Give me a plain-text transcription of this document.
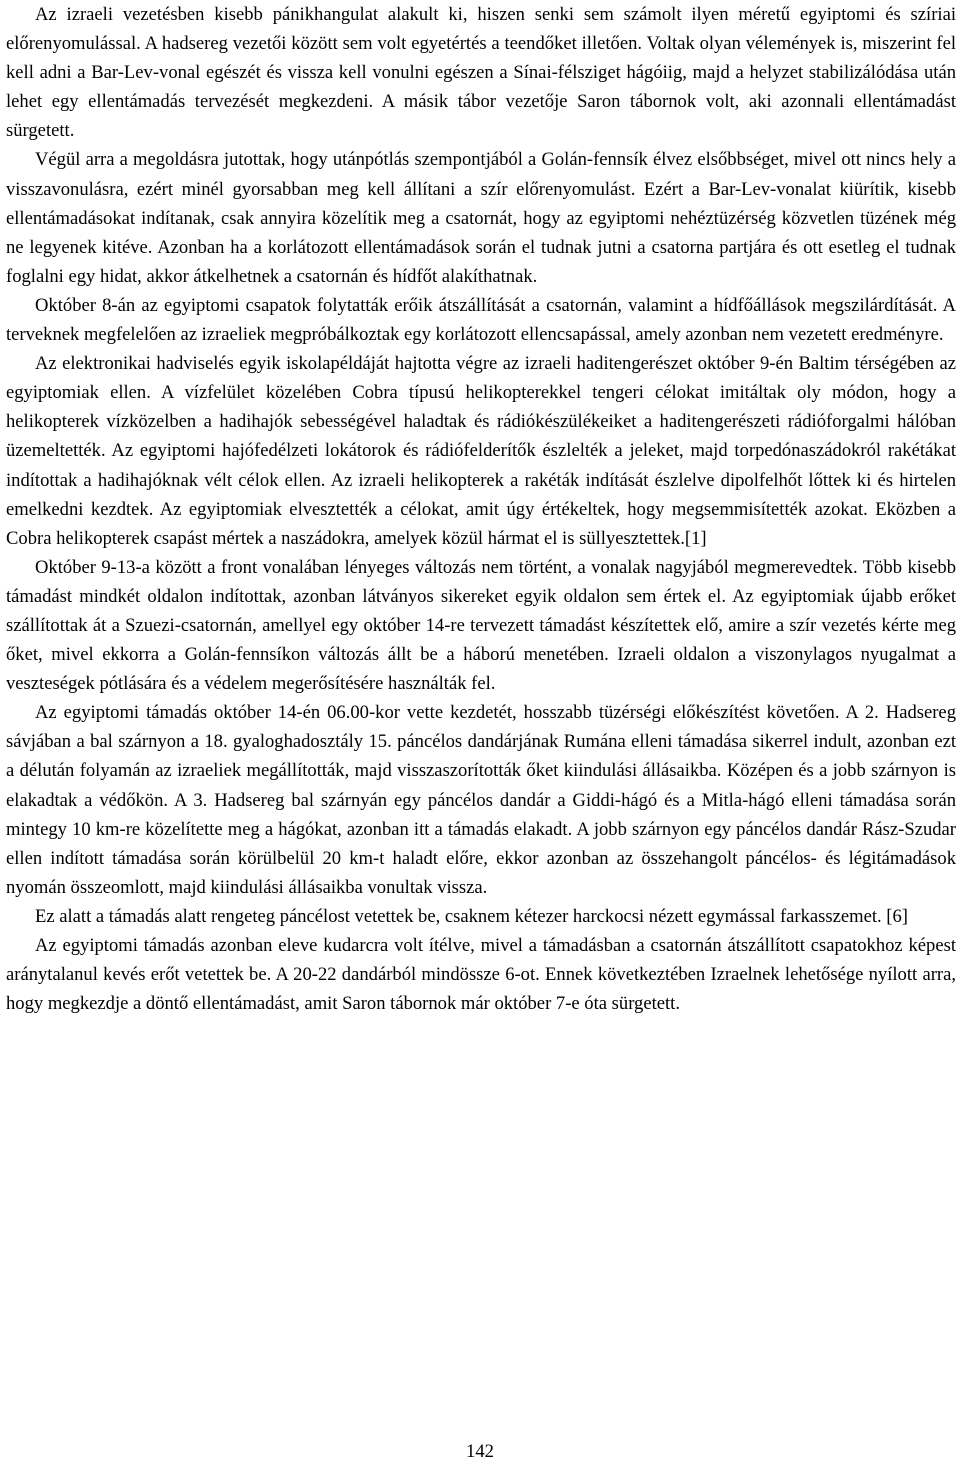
Az izraeli vezetésben kisebb pánikhangulat alakult ki, hiszen senki sem számolt ilyen méretű egyiptomi és szíriai előrenyomulással. A hadsereg vezetői között sem volt egyetértés a teendőket illetően. Voltak olyan vélemények is, miszerint fel kell adni a Bar-Lev-vonal egészét és vissza kell vonulni egészen a Sínai-félsziget hágóiig, majd a helyzet stabilizálódása után lehet egy ellentámadás tervezését megkezdeni. A másik tábor vezetője Saron tábornok volt, aki azonnali ellentámadást sürgetett.

Végül arra a megoldásra jutottak, hogy utánpótlás szempontjából a Golán-fennsík élvez elsőbbséget, mivel ott nincs hely a visszavonulásra, ezért minél gyorsabban meg kell állítani a szír előrenyomulást. Ezért a Bar-Lev-vonalat kiürítik, kisebb ellentámadásokat indítanak, csak annyira közelítik meg a csatornát, hogy az egyiptomi nehéztüzérség közvetlen tüzének még ne legyenek kitéve. Azonban ha a korlátozott ellentámadások során el tudnak jutni a csatorna partjára és ott esetleg el tudnak foglalni egy hidat, akkor átkelhetnek a csatornán és hídfőt alakíthatnak.

Október 8-án az egyiptomi csapatok folytatták erőik átszállítását a csatornán, valamint a hídfőállások megszilárdítását. A terveknek megfelelően az izraeliek megpróbálkoztak egy korlátozott ellencsapással, amely azonban nem vezetett eredményre.

Az elektronikai hadviselés egyik iskolapéldáját hajtotta végre az izraeli haditengerészet október 9-én Baltim térségében az egyiptomiak ellen. A vízfelület közelében Cobra típusú helikopterekkel tengeri célokat imitáltak oly módon, hogy a helikopterek vízközelben a hadihajók sebességével haladtak és rádiókészülékeiket a haditengerészeti rádióforgalmi hálóban üzemeltették. Az egyiptomi hajófedélzeti lokátorok és rádiófelderítők észlelték a jeleket, majd torpedónaszádokról rakétákat indítottak a hadihajóknak vélt célok ellen. Az izraeli helikopterek a rakéták indítását észlelve dipolfelhőt lőttek ki és hirtelen emelkedni kezdtek. Az egyiptomiak elvesztették a célokat, amit úgy értékeltek, hogy megsemmisítették azokat. Eközben a Cobra helikopterek csapást mértek a naszádokra, amelyek közül hármat el is süllyesztettek.[1]

Október 9-13-a között a front vonalában lényeges változás nem történt, a vonalak nagyjából megmerevedtek. Több kisebb támadást mindkét oldalon indítottak, azonban látványos sikereket egyik oldalon sem értek el. Az egyiptomiak újabb erőket szállítottak át a Szuezi-csatornán, amellyel egy október 14-re tervezett támadást készítettek elő, amire a szír vezetés kérte meg őket, mivel ekkorra a Golán-fennsíkon változás állt be a háború menetében. Izraeli oldalon a viszonylagos nyugalmat a veszteségek pótlására és a védelem megerősítésére használták fel.

Az egyiptomi támadás október 14-én 06.00-kor vette kezdetét, hosszabb tüzérségi előkészítést követően. A 2. Hadsereg sávjában a bal szárnyon a 18. gyaloghadosztály 15. páncélos dandárjának Rumána elleni támadása sikerrel indult, azonban ezt a délután folyamán az izraeliek megállították, majd visszaszorították őket kiindulási állásaikba. Középen és a jobb szárnyon is elakadtak a védőkön. A 3. Hadsereg bal szárnyán egy páncélos dandár a Giddi-hágó és a Mitla-hágó elleni támadása során mintegy 10 km-re közelítette meg a hágókat, azonban itt a támadás elakadt. A jobb szárnyon egy páncélos dandár Rász-Szudar ellen indított támadása során körülbelül 20 km-t haladt előre, ekkor azonban az összehangolt páncélos- és légitámadások nyomán összeomlott, majd kiindulási állásaikba vonultak vissza.

Ez alatt a támadás alatt rengeteg páncélost vetettek be, csaknem kétezer harckocsi nézett egymással farkasszemet. [6]

Az egyiptomi támadás azonban eleve kudarcra volt ítélve, mivel a támadásban a csatornán átszállított csapatokhoz képest aránytalanul kevés erőt vetettek be. A 20-22 dandárból mindössze 6-ot. Ennek következtében Izraelnek lehetősége nyílott arra, hogy megkezdje a döntő ellentámadást, amit Saron tábornok már október 7-e óta sürgetett.

142
